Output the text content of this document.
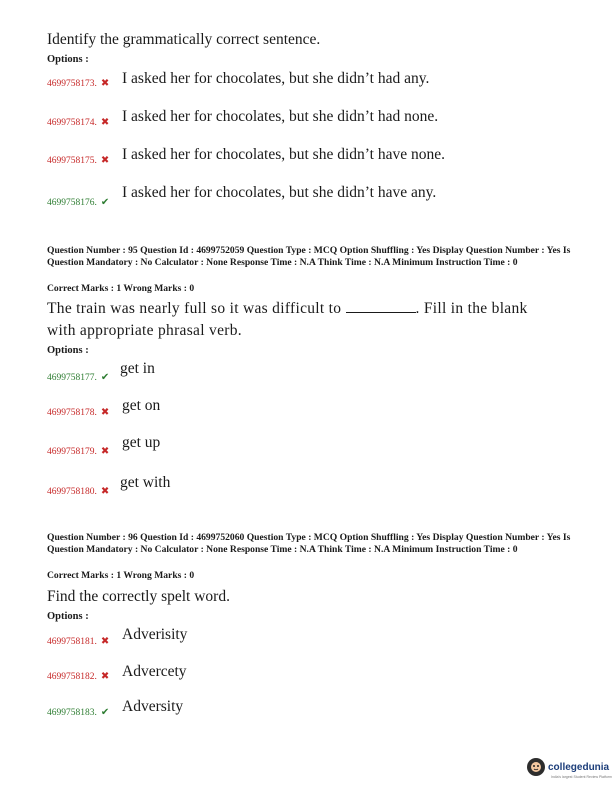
Identify the grammatically correct sentence.
Options :
4699758173. ✖ I asked her for chocolates, but she didn’t had any.
4699758174. ✖ I asked her for chocolates, but she didn’t had none.
4699758175. ✖ I asked her for chocolates, but she didn’t have none.
4699758176. ✔
I asked her for chocolates, but she didn’t have any.
Question Number : 95 Question Id : 4699752059 Question Type : MCQ Option Shuffling : Yes Display Question Number : Yes Is Question Mandatory : No Calculator : None Response Time : N.A Think Time : N.A Minimum Instruction Time : 0
Correct Marks : 1 Wrong Marks : 0
The train was nearly full so it was difficult to	. Fill in the blank with appropriate phrasal verb.
Options :
4699758177. ✔
get in
4699758178. ✖ get on
4699758179. ✖
get up
4699758180. ✖
get with
Question Number : 96 Question Id : 4699752060 Question Type : MCQ Option Shuffling : Yes Display Question Number : Yes Is Question Mandatory : No Calculator : None Response Time : N.A Think Time : N.A Minimum Instruction Time : 0
Correct Marks : 1 Wrong Marks : 0
Find the correctly spelt word.
Options :
4699758181. ✖ Adverisity
4699758182. ✖ Advercety
4699758183. ✔ Adversity
collegedunia
India's largest Student Review Platform
